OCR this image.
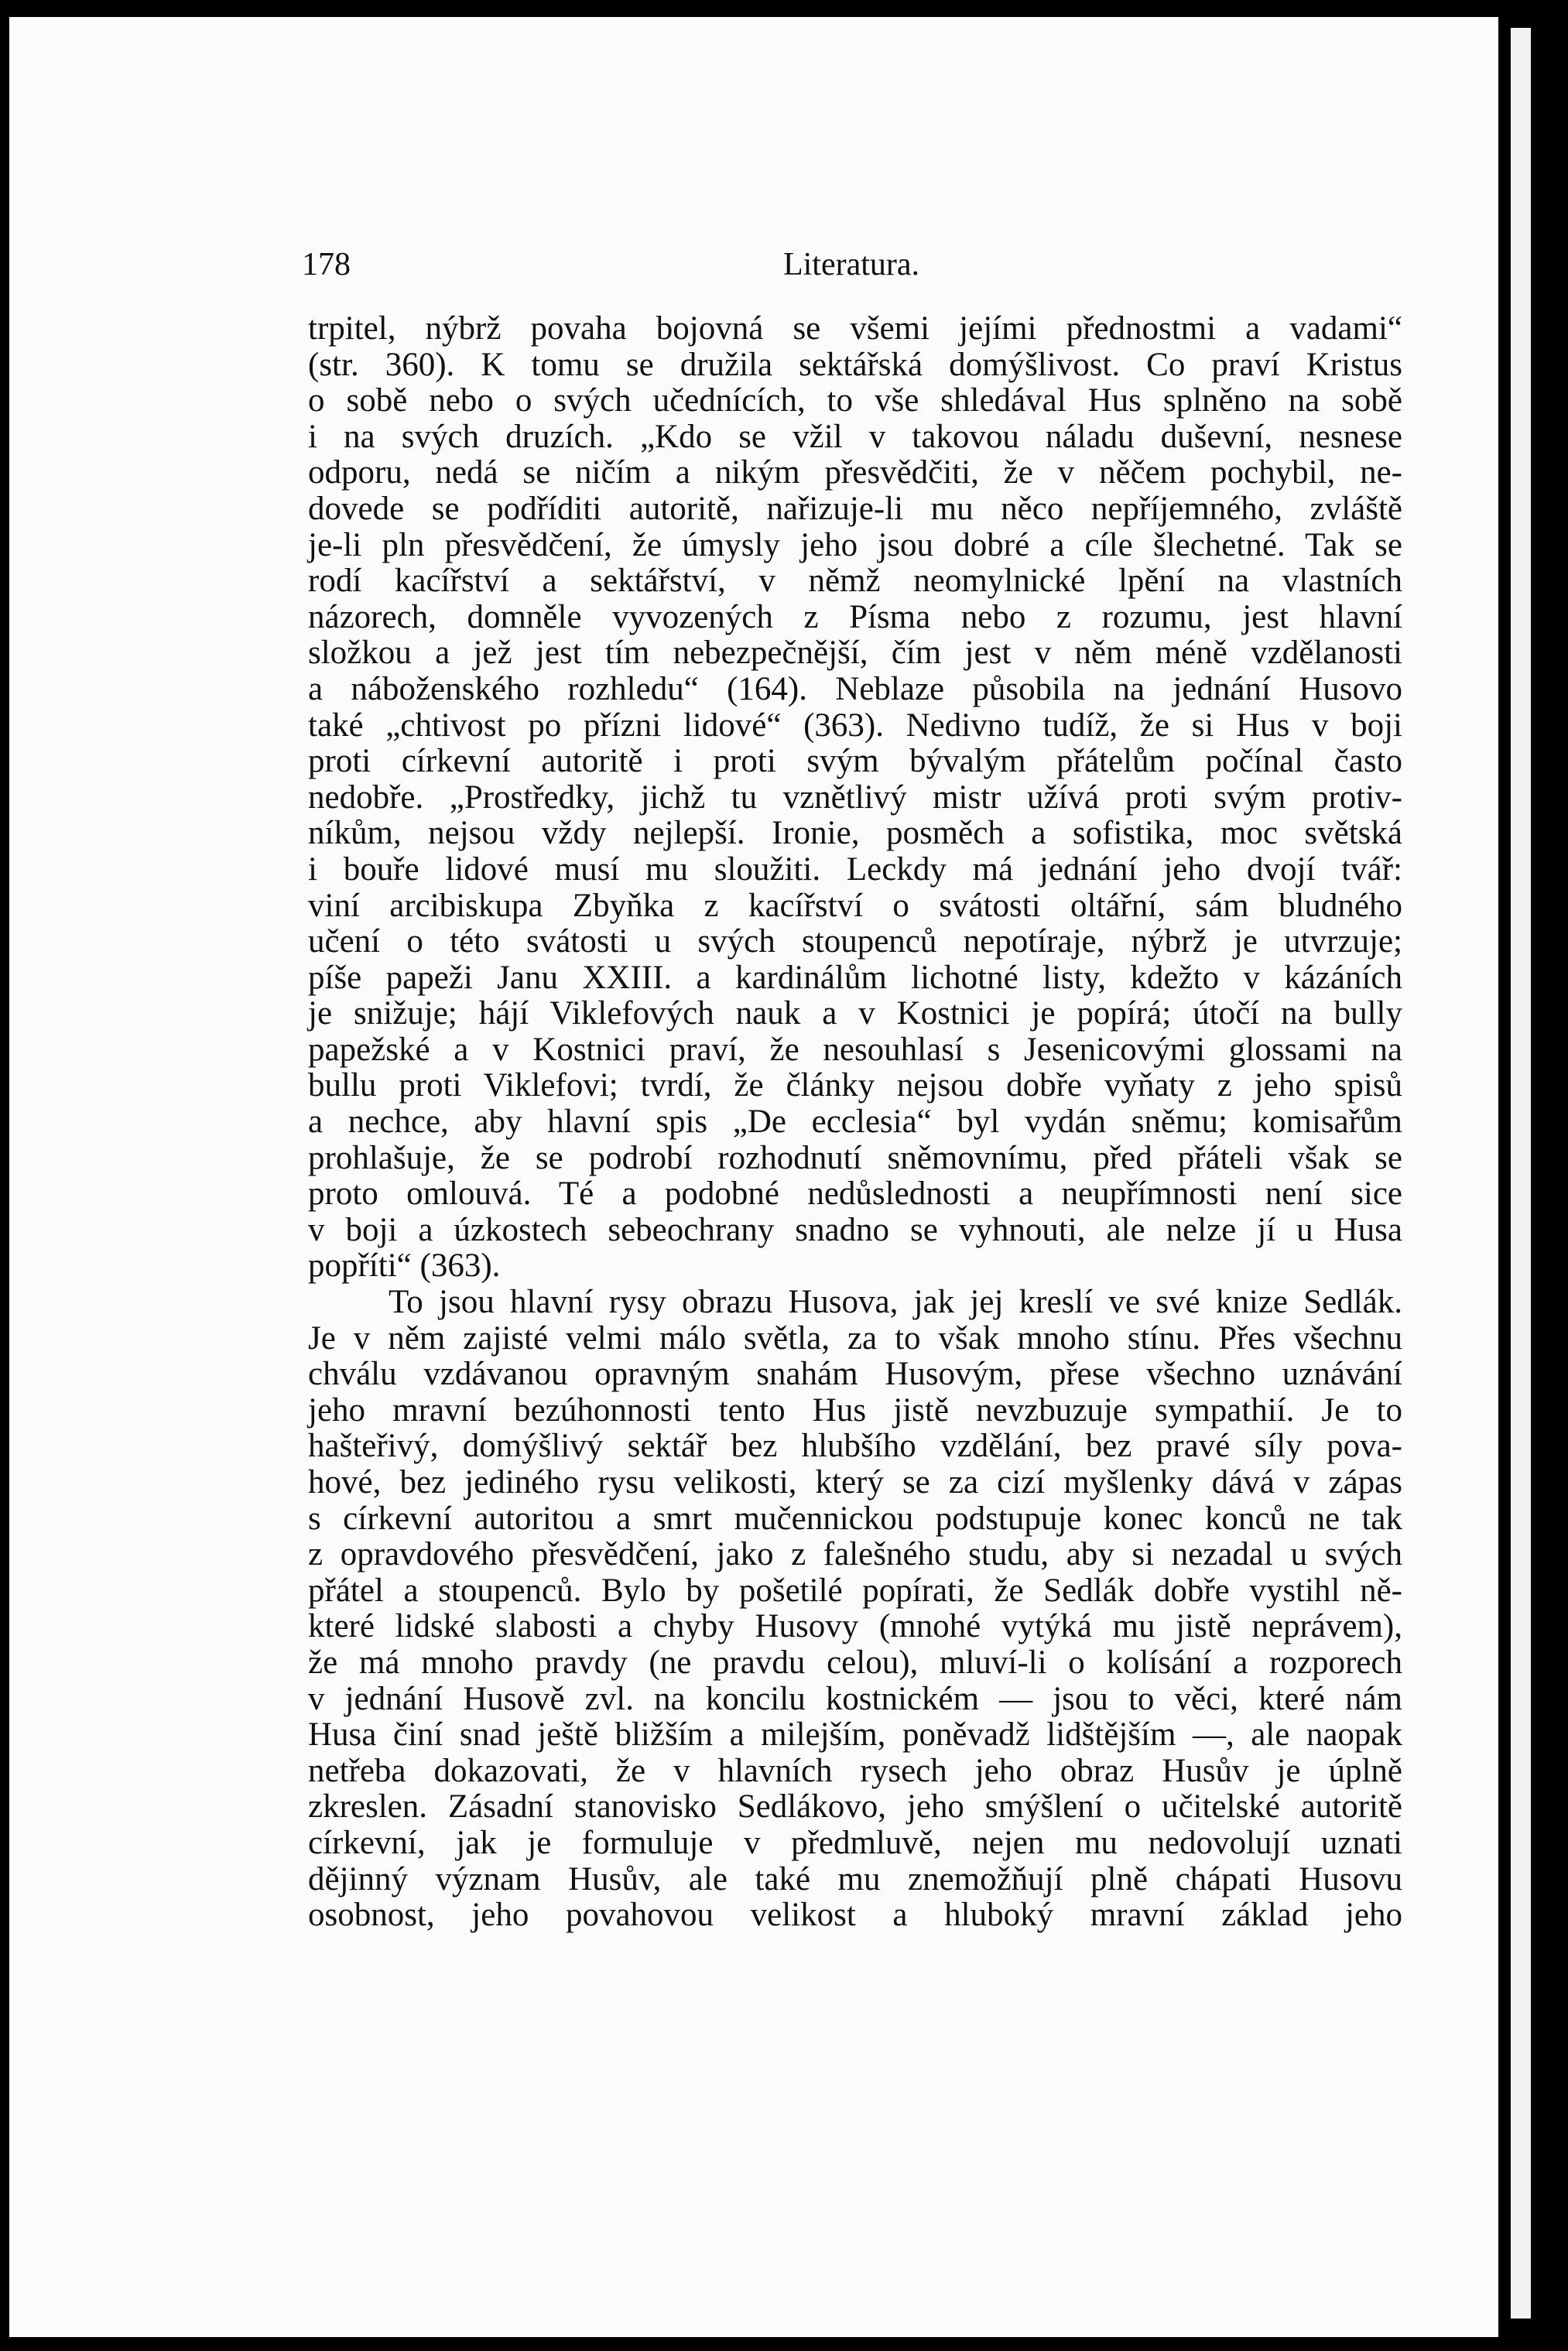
178	Literatura.
trpitel, nýbrž povaha bojovná se všemi jejími přednostmi a vadami“
(str. 360). K tomu se družila sektářská domýšlivost. Co praví Kristus
o sobě nebo o svých učednících, to vše shledával Hus splněno na sobě
i na svých druzích. „Kdo se vžil v takovou náladu duševní, nesnese
odporu, nedá se ničím a nikým přesvědčiti, že v něčem pochybil, ne-
dovede se podříditi autoritě, nařizuje-li mu něco nepříjemného, zvláště
je-li pln přesvědčení, že úmysly jeho jsou dobré a cíle šlechetné. Tak se
rodí kacířství a sektářství, v němž neomylnické lpění na vlastních
názorech, domněle vyvozených z Písma nebo z rozumu, jest hlavní
složkou a jež jest tím nebezpečnější, čím jest v něm méně vzdělanosti
a náboženského rozhledu“ (164). Neblaze působila na jednání Husovo
také „chtivost po přízni lidové“ (363). Nedivno tudíž, že si Hus v boji
proti církevní autoritě i proti svým bývalým přátelům počínal často
nedobře. „Prostředky, jichž tu vznětlivý mistr užívá proti svým protiv-
níkům, nejsou vždy nejlepší. Ironie, posměch a sofistika, moc světská
i bouře lidové musí mu sloužiti. Leckdy má jednání jeho dvojí tvář:
viní arcibiskupa Zbyňka z kacířství o svátosti oltářní, sám bludného
učení o této svátosti u svých stoupenců nepotíraje, nýbrž je utvrzuje;
píše papeži Janu XXIII. a kardinálům lichotné listy, kdežto v kázáních
je snižuje; hájí Viklefových nauk a v Kostnici je popírá; útočí na bully
papežské a v Kostnici praví, že nesouhlasí s Jesenicovými glossami na
bullu proti Viklefovi; tvrdí, že články nejsou dobře vyňaty z jeho spisů
a nechce, aby hlavní spis „De ecclesia“ byl vydán sněmu; komisařům
prohlašuje, že se podrobí rozhodnutí sněmovnímu, před přáteli však se
proto omlouvá. Té a podobné nedůslednosti a neupřímnosti není sice
v boji a úzkostech sebeochrany snadno se vyhnouti, ale nelze jí u Husa
popříti“ (363).
To jsou hlavní rysy obrazu Husova, jak jej kreslí ve své knize Sedlák.
Je v něm zajisté velmi málo světla, za to však mnoho stínu. Přes všechnu
chválu vzdávanou opravným snahám Husovým, přese všechno uznávání
jeho mravní bezúhonnosti tento Hus jistě nevzbuzuje sympathií. Je to
hašteřivý, domýšlivý sektář bez hlubšího vzdělání, bez pravé síly pova-
hové, bez jediného rysu velikosti, který se za cizí myšlenky dává v zápas
s církevní autoritou a smrt mučennickou podstupuje konec konců ne tak
z opravdového přesvědčení, jako z falešného studu, aby si nezadal u svých
přátel a stoupenců. Bylo by pošetilé popírati, že Sedlák dobře vystihl ně-
které lidské slabosti a chyby Husovy (mnohé vytýká mu jistě neprávem),
že má mnoho pravdy (ne pravdu celou), mluví-li o kolísání a rozporech
v jednání Husově zvl. na koncilu kostnickém — jsou to věci, které nám
Husa činí snad ještě bližším a milejším, poněvadž lidštějším —, ale naopak
netřeba dokazovati, že v hlavních rysech jeho obraz Husův je úplně
zkreslen. Zásadní stanovisko Sedlákovo, jeho smýšlení o učitelské autoritě
církevní, jak je formuluje v předmluvě, nejen mu nedovolují uznati
dějinný význam Husův, ale také mu znemožňují plně chápati Husovu
osobnost, jeho povahovou velikost a hluboký mravní základ jeho
